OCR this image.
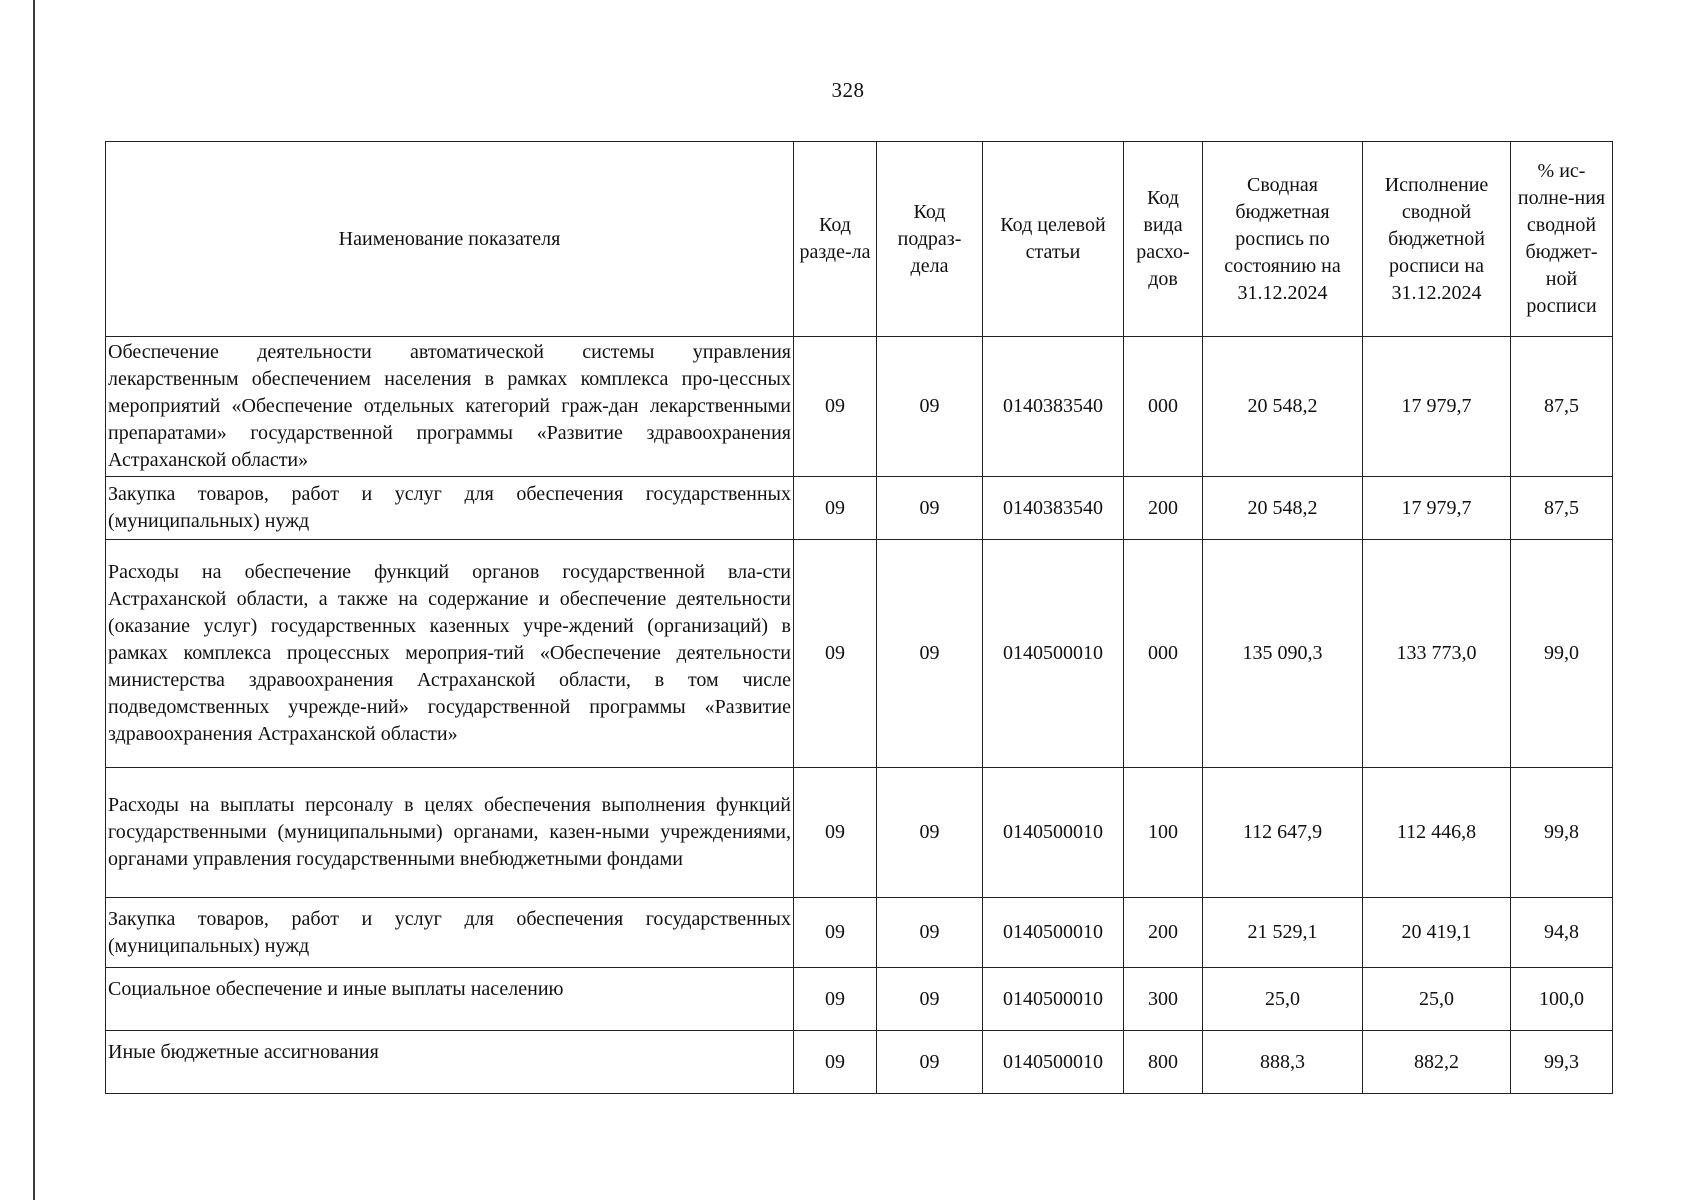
328
Наименование показателя	Код разде-ла	Код подраз-дела	Код целевой статьи	Код вида расхо-дов	Сводная бюджетная роспись по состоянию на 31.12.2024	Исполнение сводной бюджетной росписи на 31.12.2024	% ис-полне-ния сводной бюджет-ной росписи
Обеспечение деятельности автоматической системы управления лекарственным обеспечением населения в рамках комплекса про-цессных мероприятий «Обеспечение отдельных категорий граж-дан лекарственными препаратами» государственной программы «Развитие здравоохранения Астраханской области»	09	09	0140383540	000	20 548,2	17 979,7	87,5
Закупка товаров, работ и услуг для обеспечения государственных (муниципальных) нужд	09	09	0140383540	200	20 548,2	17 979,7	87,5
Расходы на обеспечение функций органов государственной вла-сти Астраханской области, а также на содержание и обеспечение деятельности (оказание услуг) государственных казенных учре-ждений (организаций) в рамках комплекса процессных мероприя-тий «Обеспечение деятельности министерства здравоохранения Астраханской области, в том числе подведомственных учрежде-ний» государственной программы «Развитие здравоохранения Астраханской области»	09	09	0140500010	000	135 090,3	133 773,0	99,0
Расходы на выплаты персоналу в целях обеспечения выполнения функций государственными (муниципальными) органами, казен-ными учреждениями, органами управления государственными внебюджетными фондами	09	09	0140500010	100	112 647,9	112 446,8	99,8
Закупка товаров, работ и услуг для обеспечения государственных (муниципальных) нужд	09	09	0140500010	200	21 529,1	20 419,1	94,8
Социальное обеспечение и иные выплаты населению	09	09	0140500010	300	25,0	25,0	100,0
Иные бюджетные ассигнования	09	09	0140500010	800	888,3	882,2	99,3
